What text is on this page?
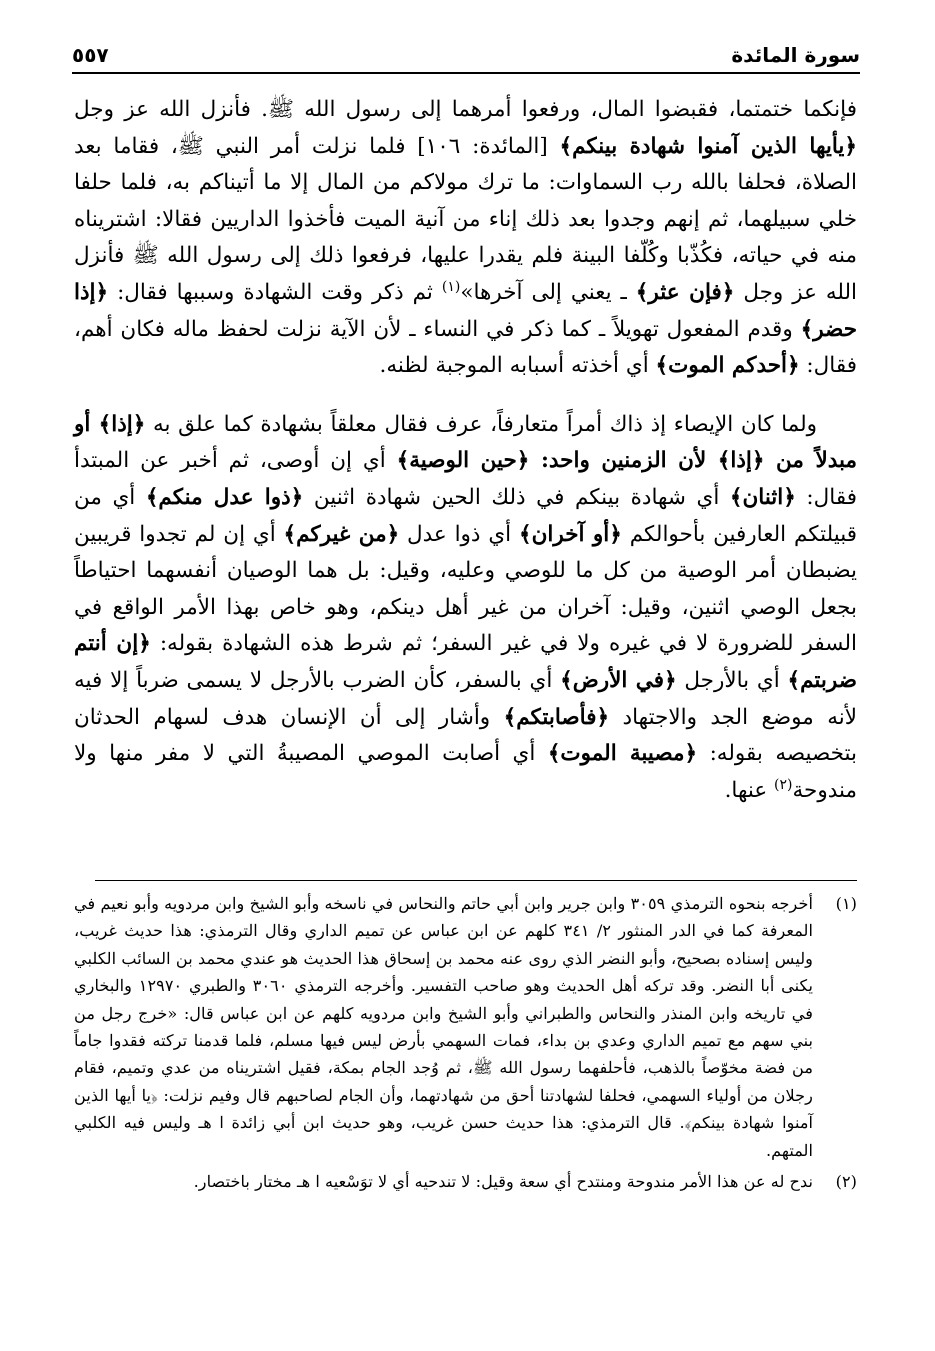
سورة المائدة
٥٥٧

فإنكما ختمتما، فقبضوا المال، ورفعوا أمرهما إلى رسول الله ﷺ. فأنزل الله عز وجل ﴿يأيها الذين آمنوا شهادة بينكم﴾ [المائدة: ١٠٦] فلما نزلت أمر النبي ﷺ، فقاما بعد الصلاة، فحلفا بالله رب السماوات: ما ترك مولاكم من المال إلا ما أتيناكم به، فلما حلفا خلي سبيلهما، ثم إنهم وجدوا بعد ذلك إناء من آنية الميت فأخذوا الداريين فقالا: اشتريناه منه في حياته، فكُذّبا وكُلّفا البينة فلم يقدرا عليها، فرفعوا ذلك إلى رسول الله ﷺ فأنزل الله عز وجل ﴿فإن عثر﴾ ـ يعني إلى آخرها»$^{(١)}$ ثم ذكر وقت الشهادة وسببها فقال: ﴿إذا حضر﴾ وقدم المفعول تهويلاً ـ كما ذكر في النساء ـ لأن الآية نزلت لحفظ ماله فكان أهم، فقال: ﴿أحدكم الموت﴾ أي أخذته أسبابه الموجبة لظنه.

ولما كان الإيصاء إذ ذاك أمراً متعارفاً، عرف فقال معلقاً بشهادة كما علق به ﴿إذا﴾ أو مبدلاً من ﴿إذا﴾ لأن الزمنين واحد: ﴿حين الوصية﴾ أي إن أوصى، ثم أخبر عن المبتدأ فقال: ﴿اثنان﴾ أي شهادة بينكم في ذلك الحين شهادة اثنين ﴿ذوا عدل منكم﴾ أي من قبيلتكم العارفين بأحوالكم ﴿أو آخران﴾ أي ذوا عدل ﴿من غيركم﴾ أي إن لم تجدوا قريبين يضبطان أمر الوصية من كل ما للوصي وعليه، وقيل: بل هما الوصيان أنفسهما احتياطاً بجعل الوصي اثنين، وقيل: آخران من غير أهل دينكم، وهو خاص بهذا الأمر الواقع في السفر للضرورة لا في غيره ولا في غير السفر؛ ثم شرط هذه الشهادة بقوله: ﴿إن أنتم ضربتم﴾ أي بالأرجل ﴿في الأرض﴾ أي بالسفر، كأن الضرب بالأرجل لا يسمى ضرباً إلا فيه لأنه موضع الجد والاجتهاد ﴿فأصابتكم﴾ وأشار إلى أن الإنسان هدف لسهام الحدثان بتخصيصه بقوله: ﴿مصيبة الموت﴾ أي أصابت الموصي المصيبةُ التي لا مفر منها ولا مندوحة$^{(٢)}$ عنها.

(١)
أخرجه بنحوه الترمذي ٣٠٥٩ وابن جرير وابن أبي حاتم والنحاس في ناسخه وأبو الشيخ وابن مردويه وأبو نعيم في المعرفة كما في الدر المنثور ٢/ ٣٤١ كلهم عن ابن عباس عن تميم الداري وقال الترمذي: هذا حديث غريب، وليس إسناده بصحيح، وأبو النضر الذي روى عنه محمد بن إسحاق هذا الحديث هو عندي محمد بن السائب الكلبي يكنى أبا النضر. وقد تركه أهل الحديث وهو صاحب التفسير. وأخرجه الترمذي ٣٠٦٠ والطبري ١٢٩٧٠ والبخاري في تاريخه وابن المنذر والنحاس والطبراني وأبو الشيخ وابن مردويه كلهم عن ابن عباس قال: «خرج رجل من بني سهم مع تميم الداري وعدي بن بداء، فمات السهمي بأرض ليس فيها مسلم، فلما قدمنا تركته فقدوا جاماً من فضة مخوّصاً بالذهب، فأحلفهما رسول الله ﷺ، ثم وُجد الجام بمكة، فقيل اشتريناه من عدي وتميم، فقام رجلان من أولياء السهمي، فحلفا لشهادتنا أحق من شهادتهما، وأن الجام لصاحبهم قال وفيم نزلت: ﴿يا أيها الذين آمنوا شهادة بينكم﴾. قال الترمذي: هذا حديث حسن غريب، وهو حديث ابن أبي زائدة ا هـ وليس فيه الكلبي المتهم.
(٢)
ندح له عن هذا الأمر مندوحة ومنتدح أي سعة وقيل: لا تندحيه أي لا توَسْعيه ا هـ مختار باختصار.
